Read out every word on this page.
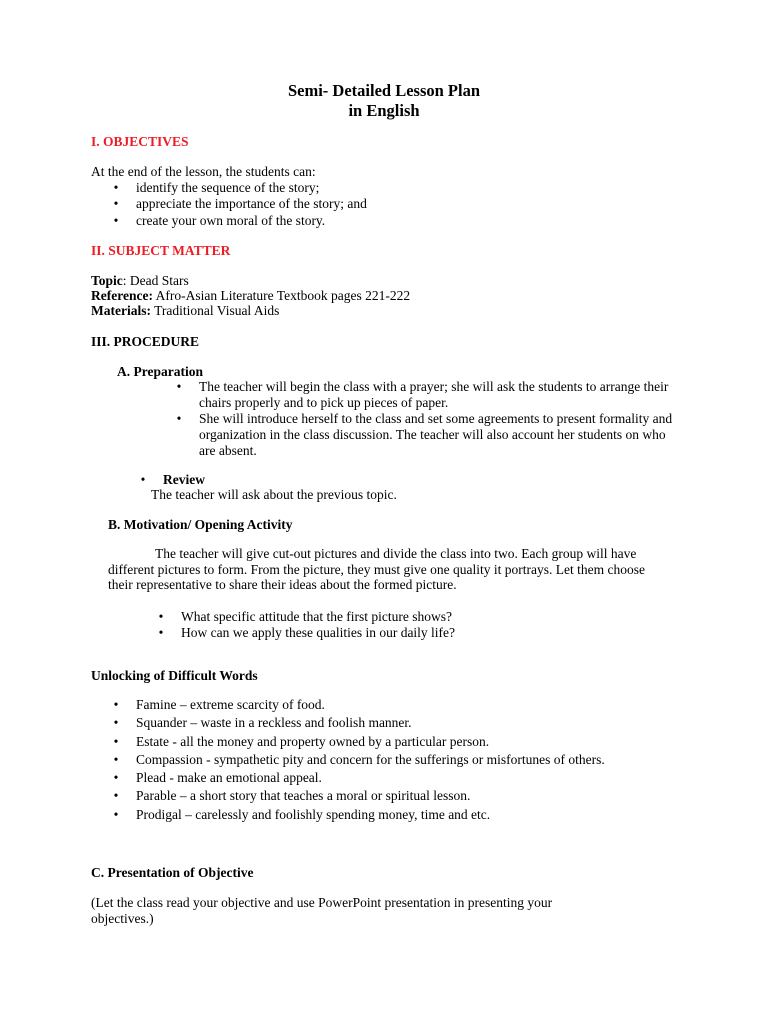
Semi- Detailed Lesson Plan
in English
I. OBJECTIVES
At the end of the lesson, the students can:
• identify the sequence of the story;
• appreciate the importance of the story; and
• create your own moral of the story.
II. SUBJECT MATTER
Topic: Dead Stars
Reference: Afro-Asian Literature Textbook pages 221-222
Materials: Traditional Visual Aids
III. PROCEDURE
A. Preparation
• The teacher will begin the class with a prayer; she will ask the students to arrange their chairs properly and to pick up pieces of paper.
• She will introduce herself to the class and set some agreements to present formality and organization in the class discussion. The teacher will also account her students on who are absent.
• Review
The teacher will ask about the previous topic.
B. Motivation/ Opening Activity
The teacher will give cut-out pictures and divide the class into two. Each group will have different pictures to form. From the picture, they must give one quality it portrays. Let them choose their representative to share their ideas about the formed picture.
• What specific attitude that the first picture shows?
• How can we apply these qualities in our daily life?
Unlocking of Difficult Words
• Famine – extreme scarcity of food.
• Squander – waste in a reckless and foolish manner.
• Estate - all the money and property owned by a particular person.
• Compassion - sympathetic pity and concern for the sufferings or misfortunes of others.
• Plead - make an emotional appeal.
• Parable – a short story that teaches a moral or spiritual lesson.
• Prodigal – carelessly and foolishly spending money, time and etc.
C. Presentation of Objective
(Let the class read your objective and use PowerPoint presentation in presenting your objectives.)
